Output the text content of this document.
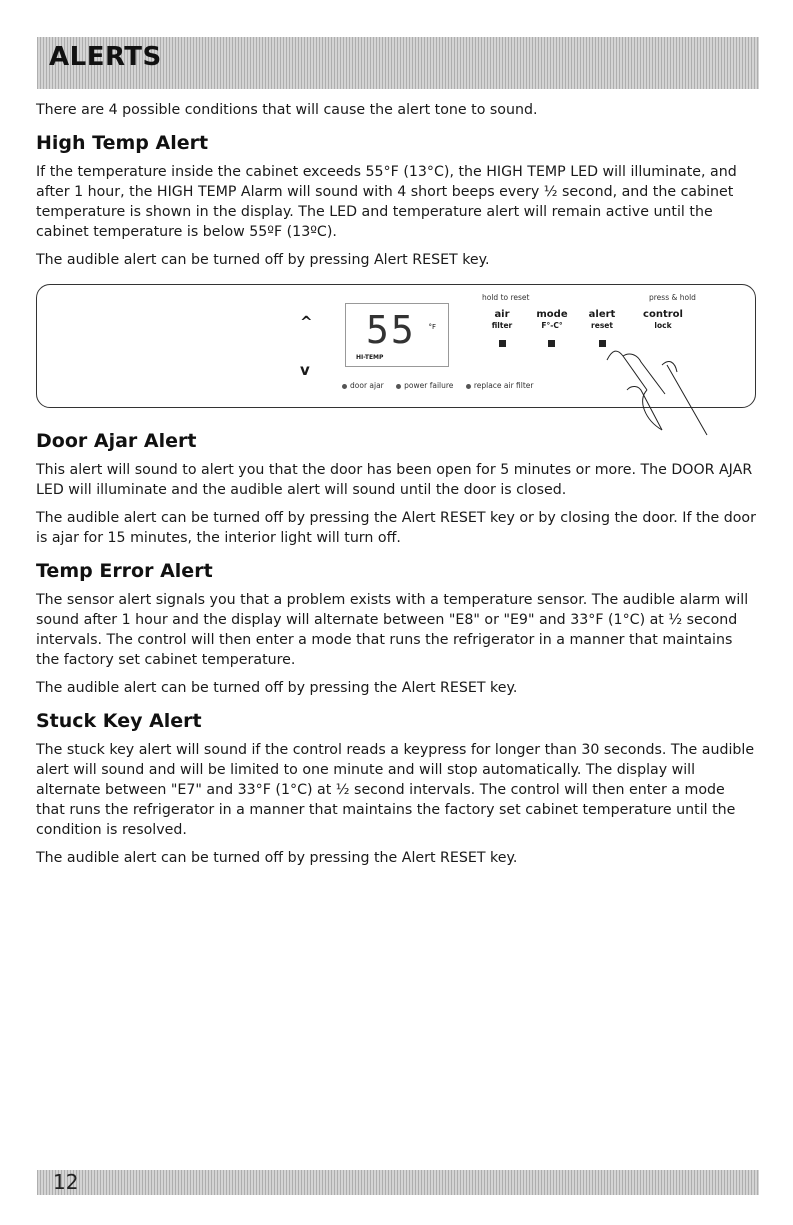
ALERTS

There are 4 possible conditions that will cause the alert tone to sound.

High Temp Alert

If the temperature inside the cabinet exceeds 55°F (13°C), the HIGH TEMP LED will illuminate, and after 1 hour, the HIGH TEMP Alarm will sound with 4 short beeps every ½ second, and the cabinet temperature is shown in the display. The LED and temperature alert will remain active until the cabinet temperature is below 55ºF (13ºC).

The audible alert can be turned off by pressing Alert RESET key.

^
v
55 °F
HI-TEMP
hold to reset	press & hold
air
filter
mode
F°-C°
alert
reset
control
lock
door ajar	power failure	replace air filter
Door Ajar Alert

This alert will sound to alert you that the door has been open for 5 minutes or more. The DOOR AJAR LED will illuminate and the audible alert will sound until the door is closed.

The audible alert can be turned off by pressing the Alert RESET key or by closing the door. If the door is ajar for 15 minutes, the interior light will turn off.

Temp Error Alert

The sensor alert signals you that a problem exists with a temperature sensor. The audible alarm will sound after 1 hour and the display will alternate between "E8" or "E9" and 33°F (1°C) at ½ second intervals. The control will then enter a mode that runs the refrigerator in a manner that maintains the factory set cabinet temperature.

The audible alert can be turned off by pressing the Alert RESET key.

Stuck Key Alert

The stuck key alert will sound if the control reads a keypress for longer than 30 seconds. The audible alert will sound and will be limited to one minute and will stop automatically. The display will alternate between "E7" and 33°F (1°C) at ½ second intervals. The control will then enter a mode that runs the refrigerator in a manner that maintains the factory set cabinet temperature until the condition is resolved.

The audible alert can be turned off by pressing the Alert RESET key.

12
